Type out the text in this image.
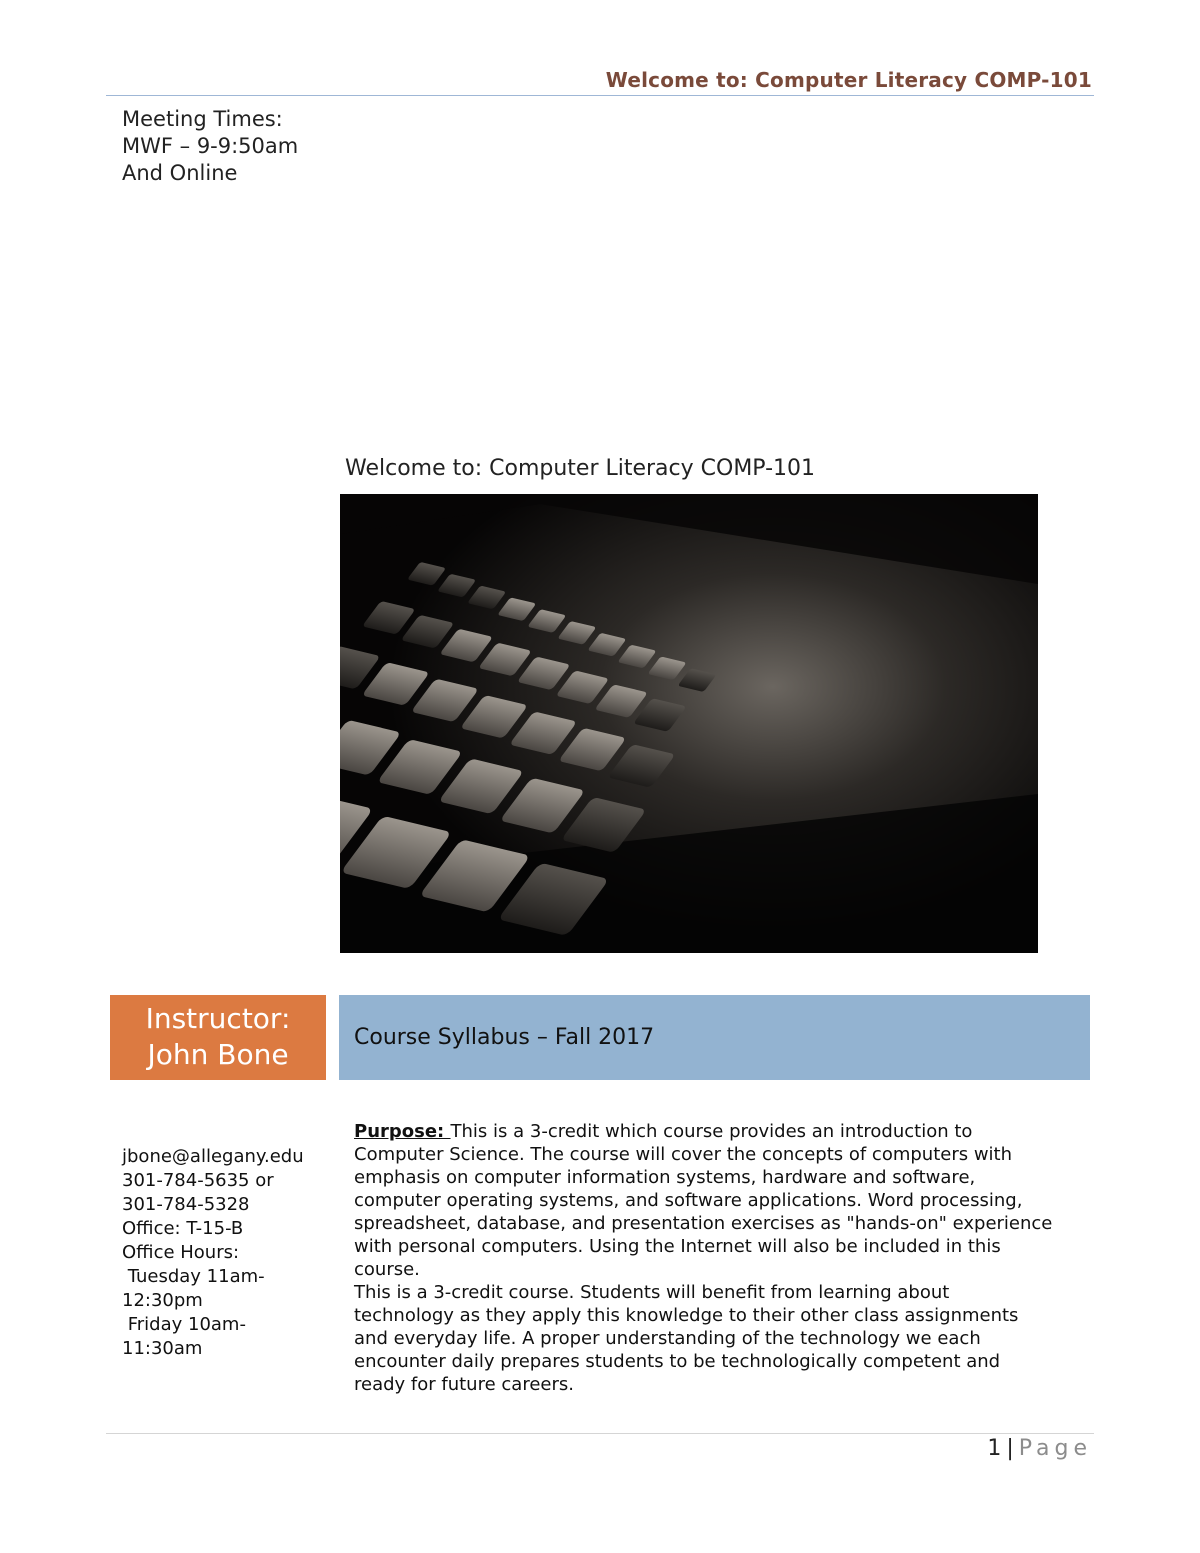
Welcome to: Computer Literacy COMP-101
Meeting Times:
MWF – 9-9:50am
And Online
Welcome to: Computer Literacy COMP-101
Instructor:
John Bone
Course Syllabus – Fall 2017
jbone@allegany.edu
301-784-5635 or
301-784-5328
Office: T-15-B
Office Hours:
Tuesday 11am-
12:30pm
Friday 10am-
11:30am
Purpose: This is a 3-credit which course provides an introduction to Computer Science. The course will cover the concepts of computers with emphasis on computer information systems, hardware and software, computer operating systems, and software applications. Word processing, spreadsheet, database, and presentation exercises as "hands-on" experience with personal computers. Using the Internet will also be included in this course.
This is a 3-credit course. Students will benefit from learning about technology as they apply this knowledge to their other class assignments and everyday life. A proper understanding of the technology we each encounter daily prepares students to be technologically competent and ready for future careers.
1 | Page
